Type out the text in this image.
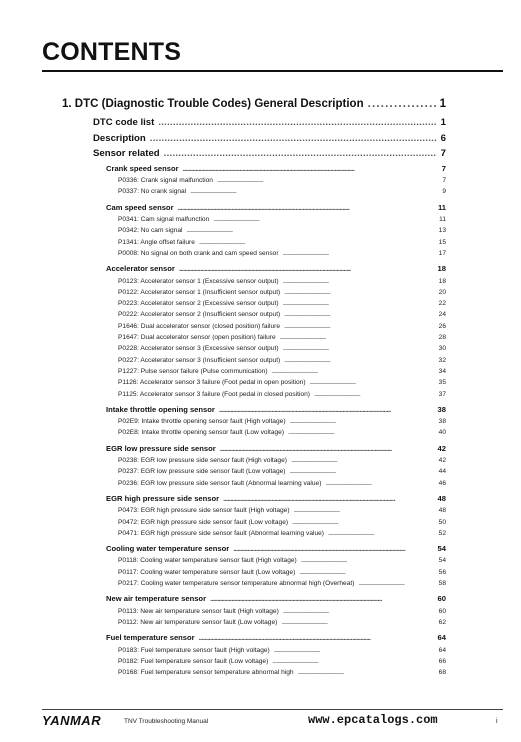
CONTENTS
1. DTC (Diagnostic Trouble Codes) General Description . . .	1
DTC code list . . .	1
Description . . .	6
Sensor related . . .	7
Crank speed sensor . . .	7
P0336: Crank signal malfunction . . .	7
P0337: No crank signal . . .	9
Cam speed sensor . . .	11
P0341: Cam signal malfunction . . .	11
P0342: No cam signal . . .	13
P1341: Angle offset failure . . .	15
P0008: No signal on both crank and cam speed sensor . . .	17
Accelerator sensor . . .	18
P0123: Accelerator sensor 1 (Excessive sensor output) . . .	18
P0122: Accelerator sensor 1 (Insufficient sensor output) . . .	20
P0223: Accelerator sensor 2 (Excessive sensor output) . . .	22
P0222: Accelerator sensor 2 (Insufficient sensor output) . . .	24
P1646: Dual accelerator sensor (closed position) failure . . .	26
P1647: Dual accelerator sensor (open position) failure . . .	28
P0228: Accelerator sensor 3 (Excessive sensor output) . . .	30
P0227: Accelerator sensor 3 (Insufficient sensor output) . . .	32
P1227: Pulse sensor failure (Pulse communication) . . .	34
P1126: Accelerator sensor 3 failure (Foot pedal in open position) . . .	35
P1125: Accelerator sensor 3 failure (Foot pedal in closed position) . . .	37
Intake throttle opening sensor . . .	38
P02E9: Intake throttle opening sensor fault (High voltage) . . .	38
P02E8: Intake throttle opening sensor fault (Low voltage) . . .	40
EGR low pressure side sensor . . .	42
P0238: EGR low pressure side sensor fault (High voltage) . . .	42
P0237: EGR low pressure side sensor fault (Low voltage) . . .	44
P0236: EGR low pressure side sensor fault (Abnormal learning value) . . .	46
EGR high pressure side sensor . . .	48
P0473: EGR high pressure side sensor fault (High voltage) . . .	48
P0472: EGR high pressure side sensor fault (Low voltage) . . .	50
P0471: EGR high pressure side sensor fault (Abnormal learning value) . . .	52
Cooling water temperature sensor . . .	54
P0118: Cooling water temperature sensor fault (High voltage) . . .	54
P0117: Cooling water temperature sensor fault (Low voltage) . . .	56
P0217: Cooling water temperature sensor temperature abnormal high (Overheat) . . .	58
New air temperature sensor . . .	60
P0113: New air temperature sensor fault (High voltage) . . .	60
P0112: New air temperature sensor fault (Low voltage) . . .	62
Fuel temperature sensor . . .	64
P0183: Fuel temperature sensor fault (High voltage) . . .	64
P0182: Fuel temperature sensor fault (Low voltage) . . .	66
P0168: Fuel temperature sensor temperature abnormal high . . .	68
YANMAR	TNV Troubleshooting Manual	www.epcatalogs.com	i
